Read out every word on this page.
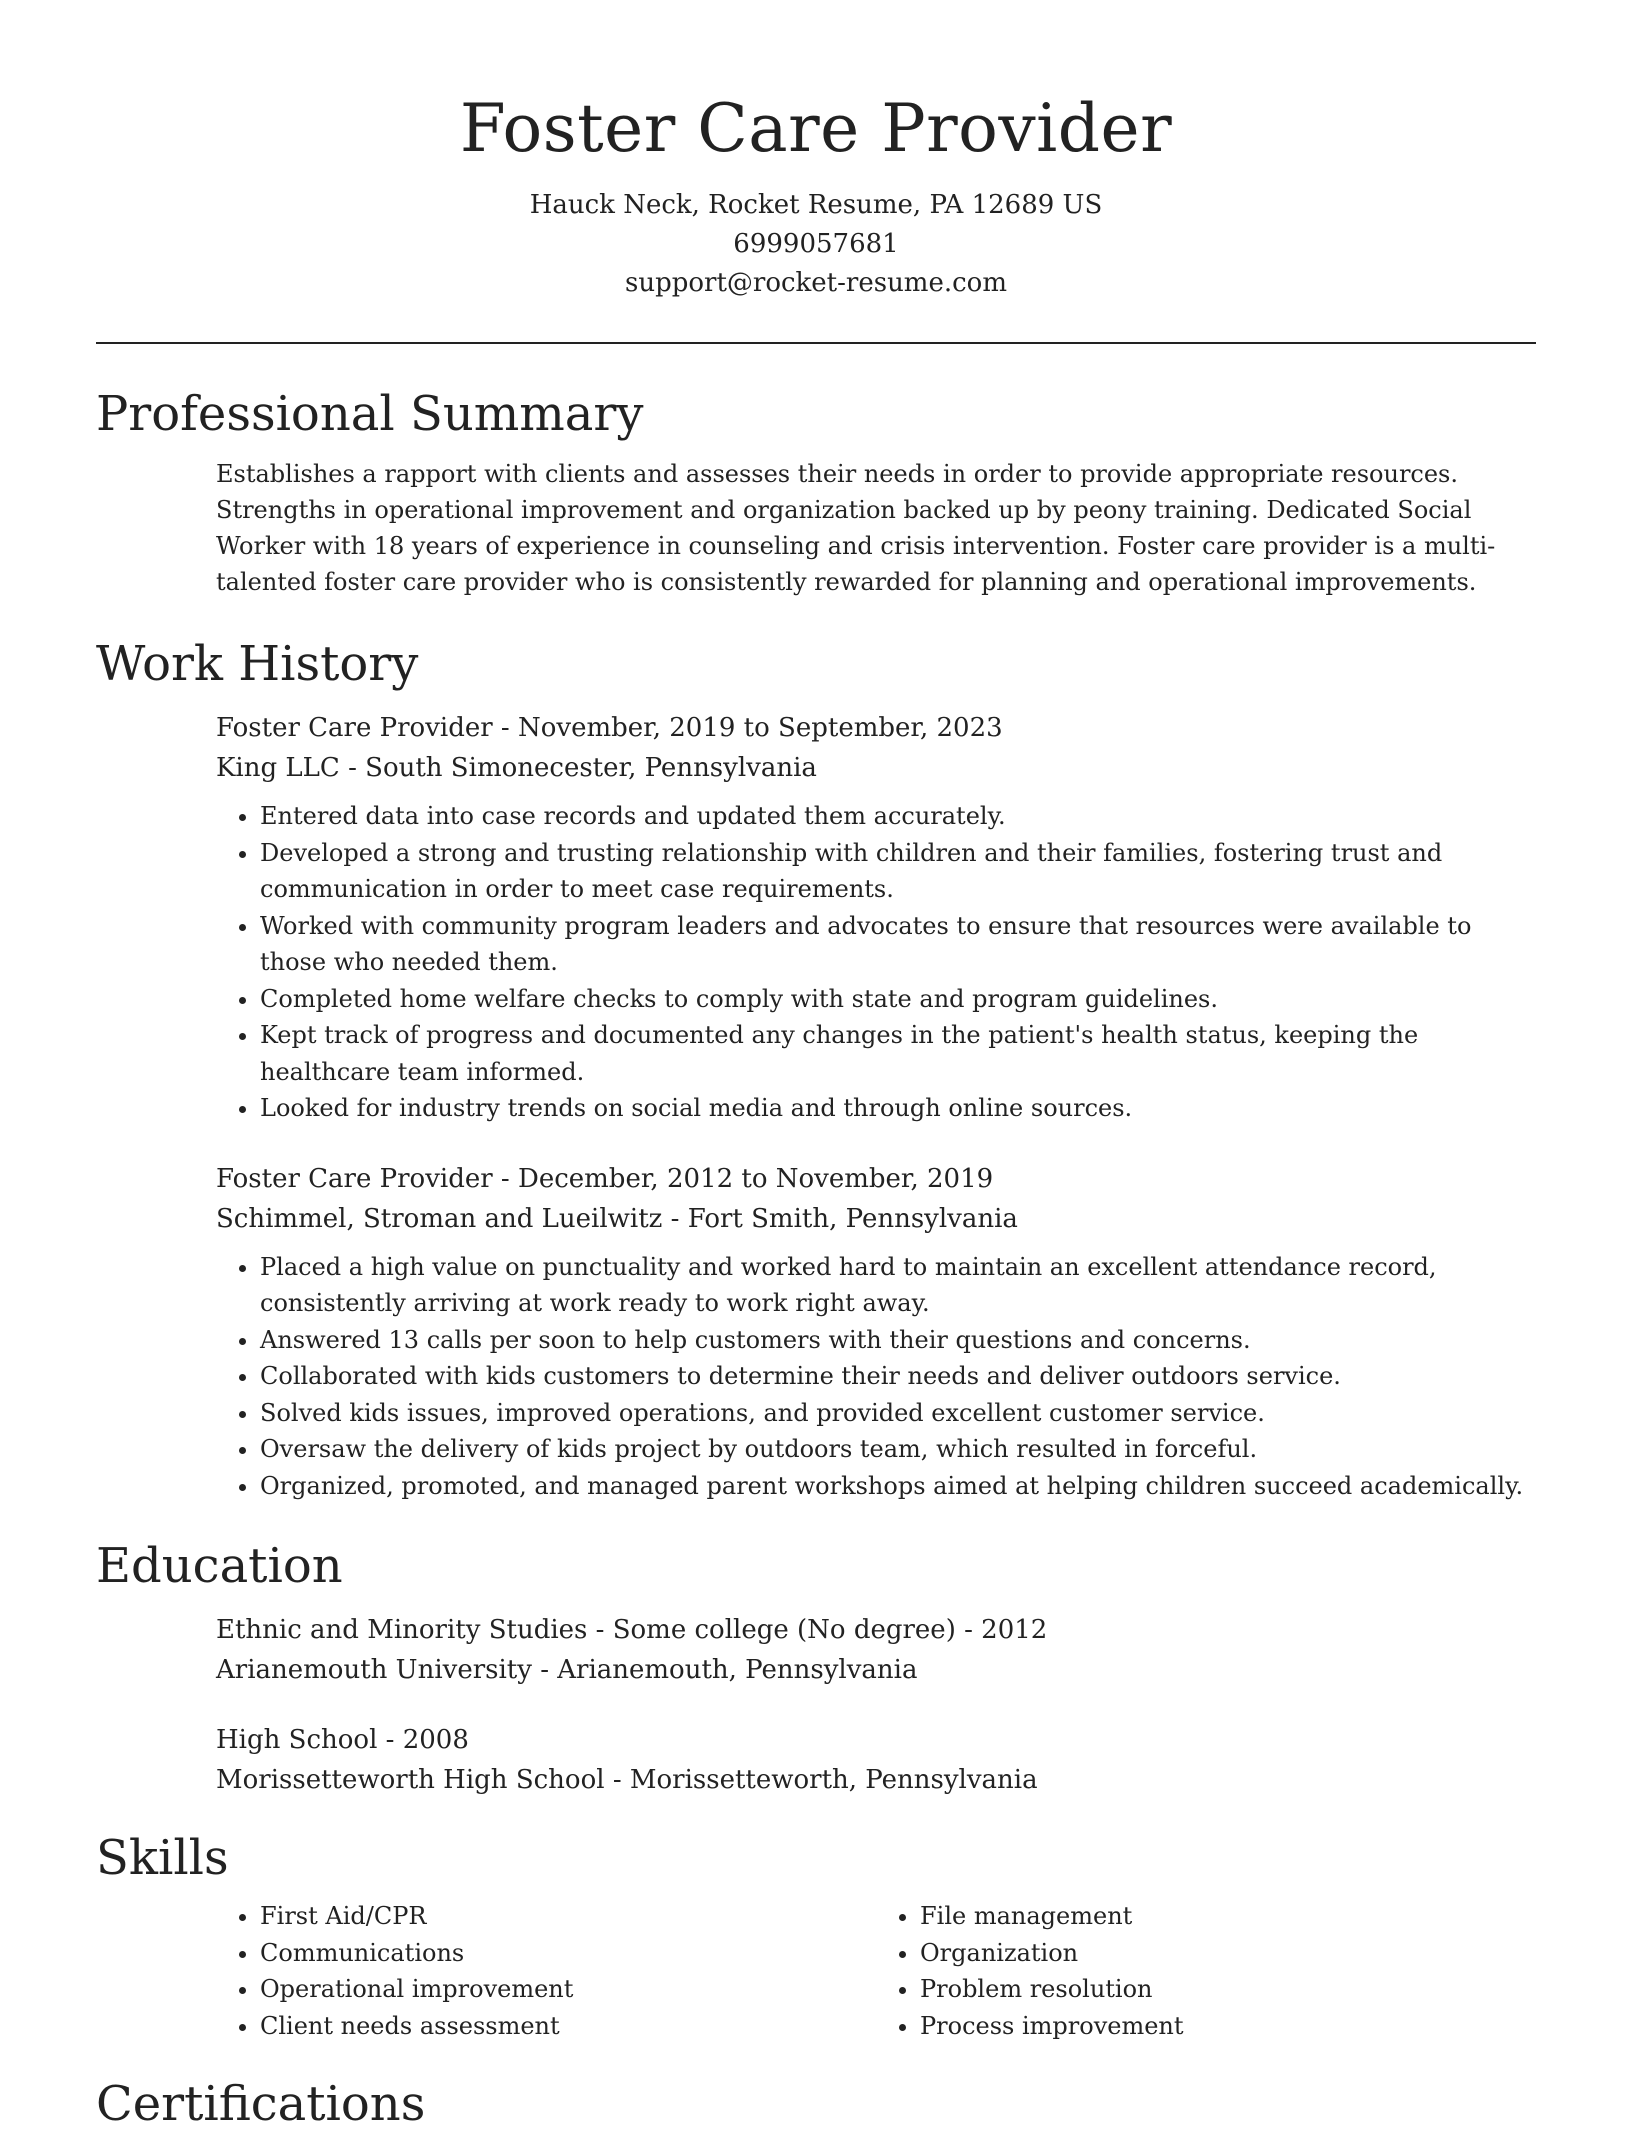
Foster Care Provider

Hauck Neck, Rocket Resume, PA 12689 US

6999057681

support@rocket-resume.com

Professional Summary

Establishes a rapport with clients and assesses their needs in order to provide appropriate resources. Strengths in operational improvement and organization backed up by peony training. Dedicated Social Worker with 18 years of experience in counseling and crisis intervention. Foster care provider is a multi-talented foster care provider who is consistently rewarded for planning and operational improvements.

Work History

Foster Care Provider - November, 2019 to September, 2023

King LLC - South Simonecester, Pennsylvania

• Entered data into case records and updated them accurately.
• Developed a strong and trusting relationship with children and their families, fostering trust and communication in order to meet case requirements.
• Worked with community program leaders and advocates to ensure that resources were available to those who needed them.
• Completed home welfare checks to comply with state and program guidelines.
• Kept track of progress and documented any changes in the patient's health status, keeping the healthcare team informed.
• Looked for industry trends on social media and through online sources.

Foster Care Provider - December, 2012 to November, 2019

Schimmel, Stroman and Lueilwitz - Fort Smith, Pennsylvania

• Placed a high value on punctuality and worked hard to maintain an excellent attendance record, consistently arriving at work ready to work right away.
• Answered 13 calls per soon to help customers with their questions and concerns.
• Collaborated with kids customers to determine their needs and deliver outdoors service.
• Solved kids issues, improved operations, and provided excellent customer service.
• Oversaw the delivery of kids project by outdoors team, which resulted in forceful.
• Organized, promoted, and managed parent workshops aimed at helping children succeed academically.
Education

Ethnic and Minority Studies - Some college (No degree) - 2012

Arianemouth University - Arianemouth, Pennsylvania

High School - 2008

Morissetteworth High School - Morissetteworth, Pennsylvania

Skills
• First Aid/CPR
• Communications
• Operational improvement
• Client needs assessment
• File management
• Organization
• Problem resolution
• Process improvement
Certifications
